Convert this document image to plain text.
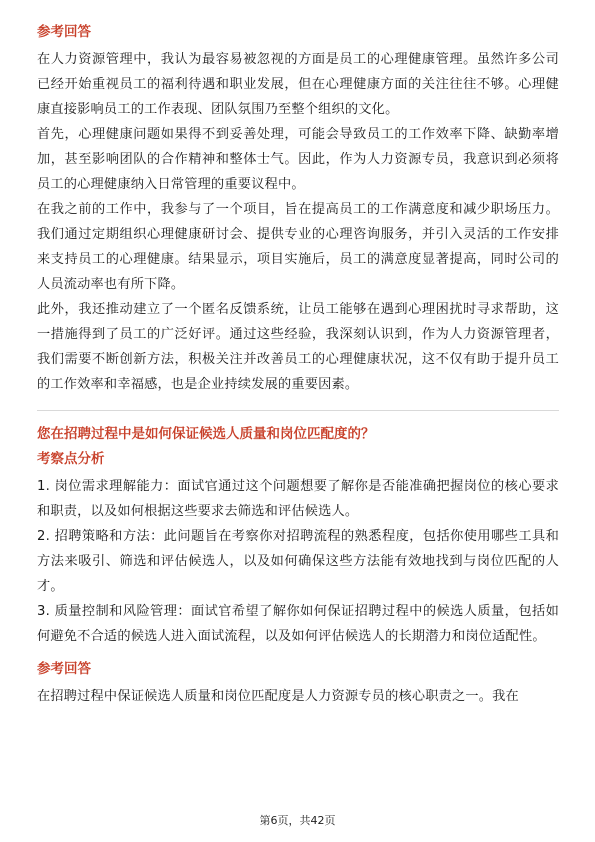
参考回答

在人力资源管理中，我认为最容易被忽视的方面是员工的心理健康管理。虽然许多公司已经开始重视员工的福利待遇和职业发展，但在心理健康方面的关注往往不够。心理健康直接影响员工的工作表现、团队氛围乃至整个组织的文化。

首先，心理健康问题如果得不到妥善处理，可能会导致员工的工作效率下降、缺勤率增加，甚至影响团队的合作精神和整体士气。因此，作为人力资源专员，我意识到必须将员工的心理健康纳入日常管理的重要议程中。

在我之前的工作中，我参与了一个项目，旨在提高员工的工作满意度和减少职场压力。我们通过定期组织心理健康研讨会、提供专业的心理咨询服务，并引入灵活的工作安排来支持员工的心理健康。结果显示，项目实施后，员工的满意度显著提高，同时公司的人员流动率也有所下降。

此外，我还推动建立了一个匿名反馈系统，让员工能够在遇到心理困扰时寻求帮助，这一措施得到了员工的广泛好评。通过这些经验，我深刻认识到，作为人力资源管理者，我们需要不断创新方法，积极关注并改善员工的心理健康状况，这不仅有助于提升员工的工作效率和幸福感，也是企业持续发展的重要因素。

您在招聘过程中是如何保证候选人质量和岗位匹配度的？
考察点分析

1. 岗位需求理解能力：面试官通过这个问题想要了解你是否能准确把握岗位的核心要求和职责，以及如何根据这些要求去筛选和评估候选人。

2. 招聘策略和方法：此问题旨在考察你对招聘流程的熟悉程度，包括你使用哪些工具和方法来吸引、筛选和评估候选人，以及如何确保这些方法能有效地找到与岗位匹配的人才。

3. 质量控制和风险管理：面试官希望了解你如何保证招聘过程中的候选人质量，包括如何避免不合适的候选人进入面试流程，以及如何评估候选人的长期潜力和岗位适配性。

参考回答

在招聘过程中保证候选人质量和岗位匹配度是人力资源专员的核心职责之一。我在

第6页，共42页
